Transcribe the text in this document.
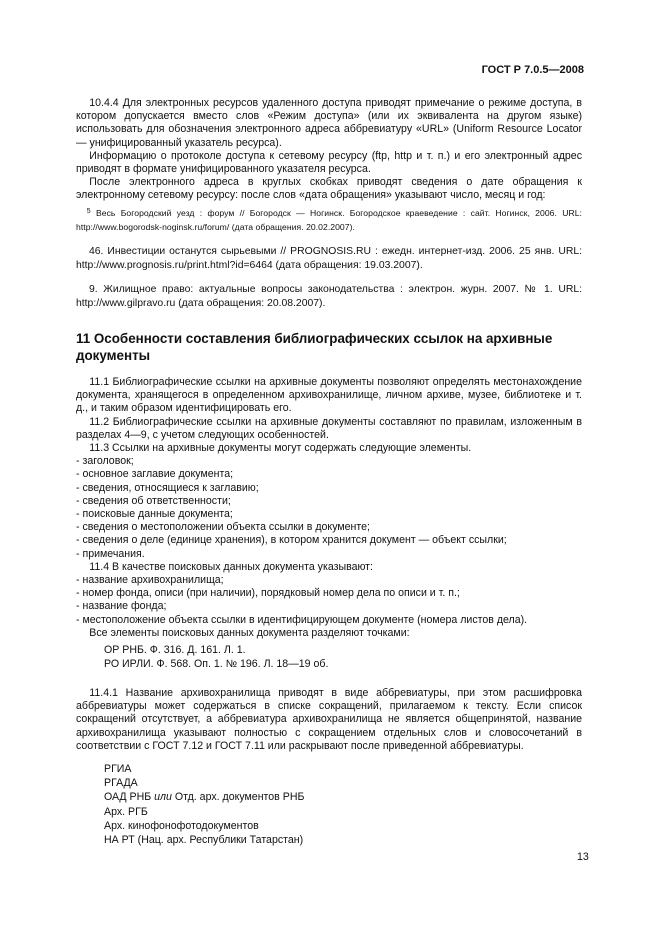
ГОСТ Р 7.0.5—2008

10.4.4 Для электронных ресурсов удаленного доступа приводят примечание о режиме доступа, в котором допускается вместо слов «Режим доступа» (или их эквивалента на другом языке) использовать для обозначения электронного адреса аббревиатуру «URL» (Uniform Resource Locator — унифицированный указатель ресурса).

Информацию о протоколе доступа к сетевому ресурсу (ftp, http и т. п.) и его электронный адрес приводят в формате унифицированного указателя ресурса.

После электронного адреса в круглых скобках приводят сведения о дате обращения к электронному сетевому ресурсу: после слов «дата обращения» указывают число, месяц и год:

$^5$ Весь Богородский уезд : форум // Богородск — Ногинск. Богородское краеведение : сайт. Ногинск, 2006. URL: http://www.bogorodsk-noginsk.ru/forum/ (дата обращения. 20.02.2007).

46. Инвестиции останутся сырьевыми // PROGNOSIS.RU : ежедн. интернет-изд. 2006. 25 янв. URL: http://www.prognosis.ru/print.html?id=6464 (дата обращения: 19.03.2007).

9. Жилищное право: актуальные вопросы законодательства : электрон. журн. 2007. № 1. URL: http://www.gilpravo.ru (дата обращения: 20.08.2007).

11 Особенности составления библиографических ссылок на архивные документы

11.1 Библиографические ссылки на архивные документы позволяют определять местонахождение документа, хранящегося в определенном архивохранилище, личном архиве, музее, библиотеке и т. д., и таким образом идентифицировать его.

11.2 Библиографические ссылки на архивные документы составляют по правилам, изложенным в разделах 4—9, с учетом следующих особенностей.

11.3 Ссылки на архивные документы могут содержать следующие элементы.

- заголовок;

- основное заглавие документа;

- сведения, относящиеся к заглавию;

- сведения об ответственности;

- поисковые данные документа;

- сведения о местоположении объекта ссылки в документе;

- сведения о деле (единице хранения), в котором хранится документ — объект ссылки;

- примечания.

11.4 В качестве поисковых данных документа указывают:

- название архивохранилища;

- номер фонда, описи (при наличии), порядковый номер дела по описи и т. п.;

- название фонда;

- местоположение объекта ссылки в идентифицирующем документе (номера листов дела).

Все элементы поисковых данных документа разделяют точками:

ОР РНБ. Ф. 316. Д. 161. Л. 1.

РО ИРЛИ. Ф. 568. Оп. 1. № 196. Л. 18—19 об.

11.4.1 Название архивохранилища приводят в виде аббревиатуры, при этом расшифровка аббревиатуры может содержаться в списке сокращений, прилагаемом к тексту. Если список сокращений отсутствует, а аббревиатура архивохранилища не является общепринятой, название архивохранилища указывают полностью с сокращением отдельных слов и словосочетаний в соответствии с ГОСТ 7.12 и ГОСТ 7.11 или раскрывают после приведенной аббревиатуры.

РГИА

РГАДА

ОАД РНБ или Отд. арх. документов РНБ

Арх. РГБ

Арх. кинофонофотодокументов

НА РТ (Нац. арх. Республики Татарстан)

13
